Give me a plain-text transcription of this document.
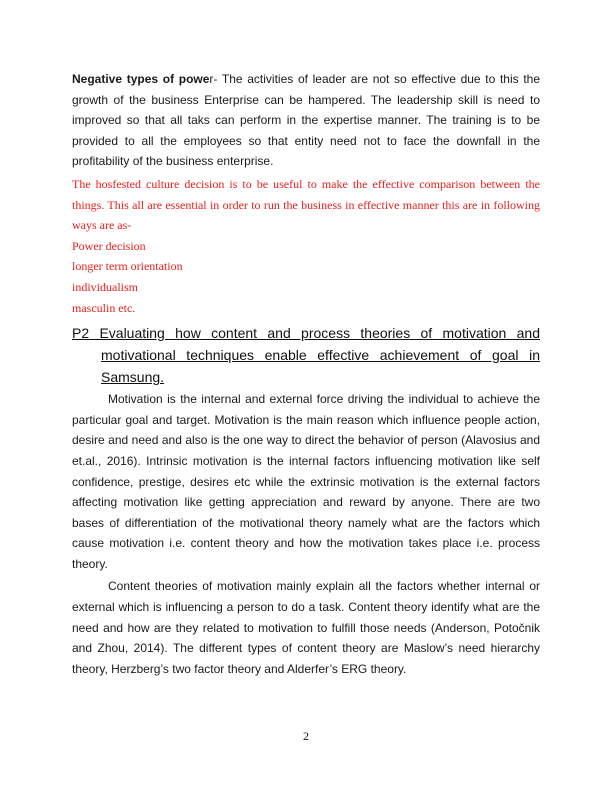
Negative types of power- The activities of leader are not so effective due to this the growth of the business Enterprise can be hampered. The leadership skill is need to improved so that all taks can perform in the expertise manner. The training is to be provided to all the employees so that entity need not to face the downfall in the profitability of the business enterprise.

The hosfested culture decision is to be useful to make the effective comparison between the things. This all are essential in order to run the business in effective manner this are in following ways are as-

Power decision
longer term orientation
individualism
masculin etc.

P2 Evaluating how content and process theories of motivation and motivational techniques enable effective achievement of goal in Samsung.

Motivation is the internal and external force driving the individual to achieve the particular goal and target. Motivation is the main reason which influence people action, desire and need and also is the one way to direct the behavior of person (Alavosius and et.al., 2016). Intrinsic motivation is the internal factors influencing motivation like self confidence, prestige, desires etc while the extrinsic motivation is the external factors affecting motivation like getting appreciation and reward by anyone. There are two bases of differentiation of the motivational theory namely what are the factors which cause motivation i.e. content theory and how the motivation takes place i.e. process theory.

Content theories of motivation mainly explain all the factors whether internal or external which is influencing a person to do a task. Content theory identify what are the need and how are they related to motivation to fulfill those needs (Anderson, Potočnik and Zhou, 2014). The different types of content theory are Maslow’s need hierarchy theory, Herzberg’s two factor theory and Alderfer’s ERG theory.

2
